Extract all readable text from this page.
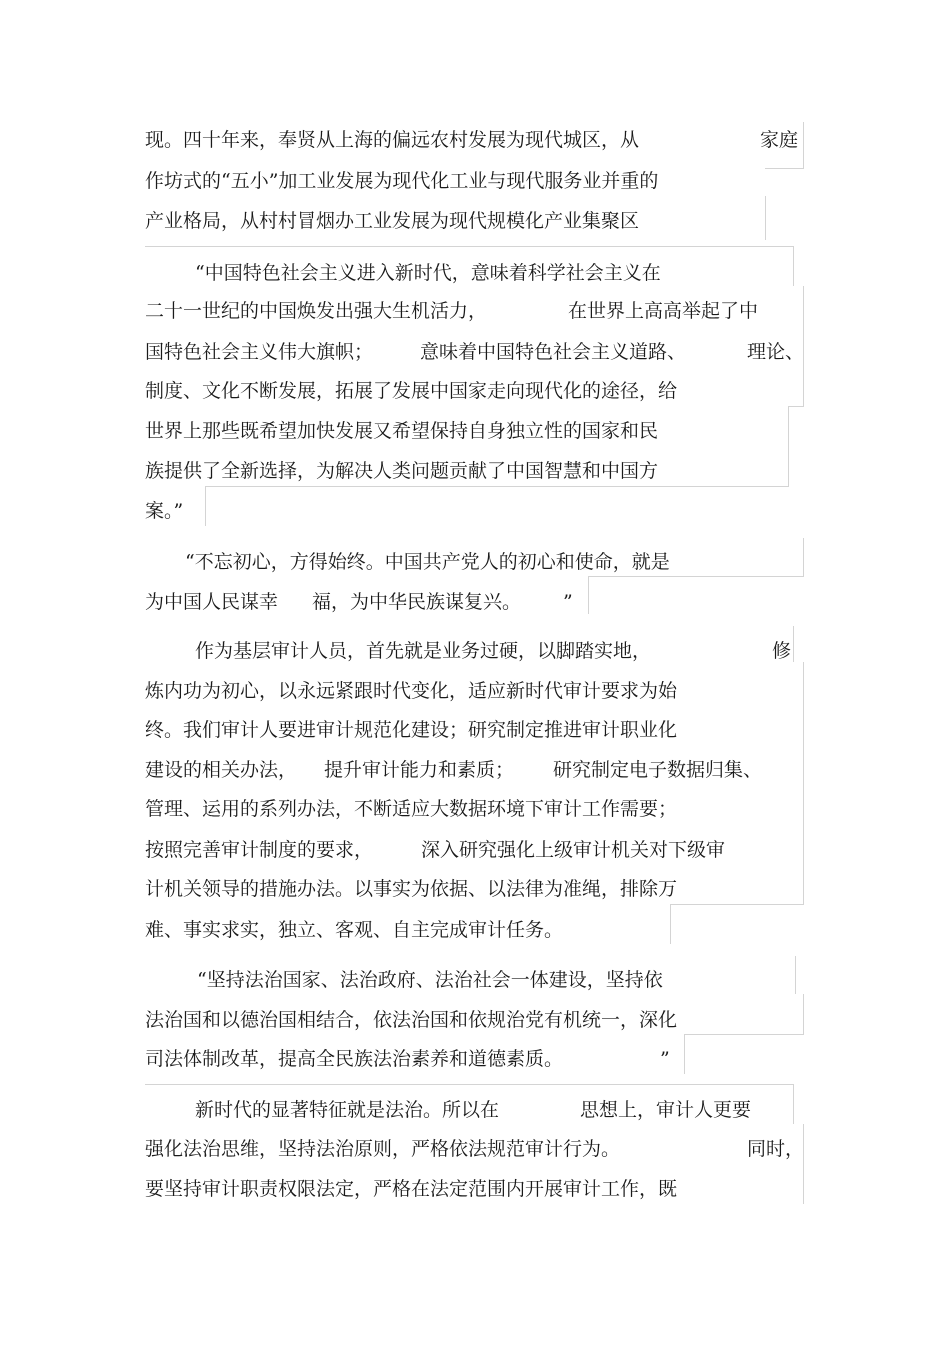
现。四十年来，奉贤从上海的偏远农村发展为现代城区，从	家庭

作坊式的“五小”加工业发展为现代化工业与现代服务业并重的

产业格局，从村村冒烟办工业发展为现代规模化产业集聚区

“中国特色社会主义进入新时代，意味着科学社会主义在

二十一世纪的中国焕发出强大生机活力，	在世界上高高举起了中

国特色社会主义伟大旗帜； 意味着中国特色社会主义道路、	理论、

制度、文化不断发展，拓展了发展中国家走向现代化的途径，给

世界上那些既希望加快发展又希望保持自身独立性的国家和民

族提供了全新选择，为解决人类问题贡献了中国智慧和中国方

案。”

“不忘初心，方得始终。中国共产党人的初心和使命，就是

为中国人民谋幸 福，为中华民族谋复兴。 ”

作为基层审计人员，首先就是业务过硬，以脚踏实地，	修

炼内功为初心，以永远紧跟时代变化，适应新时代审计要求为始

终。我们审计人要进审计规范化建设；研究制定推进审计职业化

建设的相关办法， 提升审计能力和素质； 研究制定电子数据归集、

管理、运用的系列办法，不断适应大数据环境下审计工作需要；

按照完善审计制度的要求，	深入研究强化上级审计机关对下级审

计机关领导的措施办法。以事实为依据、以法律为准绳，排除万

难、事实求实，独立、客观、自主完成审计任务。

“坚持法治国家、法治政府、法治社会一体建设，坚持依

法治国和以德治国相结合，依法治国和依规治党有机统一，深化

司法体制改革，提高全民族法治素养和道德素质。	”

新时代的显著特征就是法治。所以在	思想上，审计人更要

强化法治思维，坚持法治原则，严格依法规范审计行为。	同时，

要坚持审计职责权限法定，严格在法定范围内开展审计工作，既
